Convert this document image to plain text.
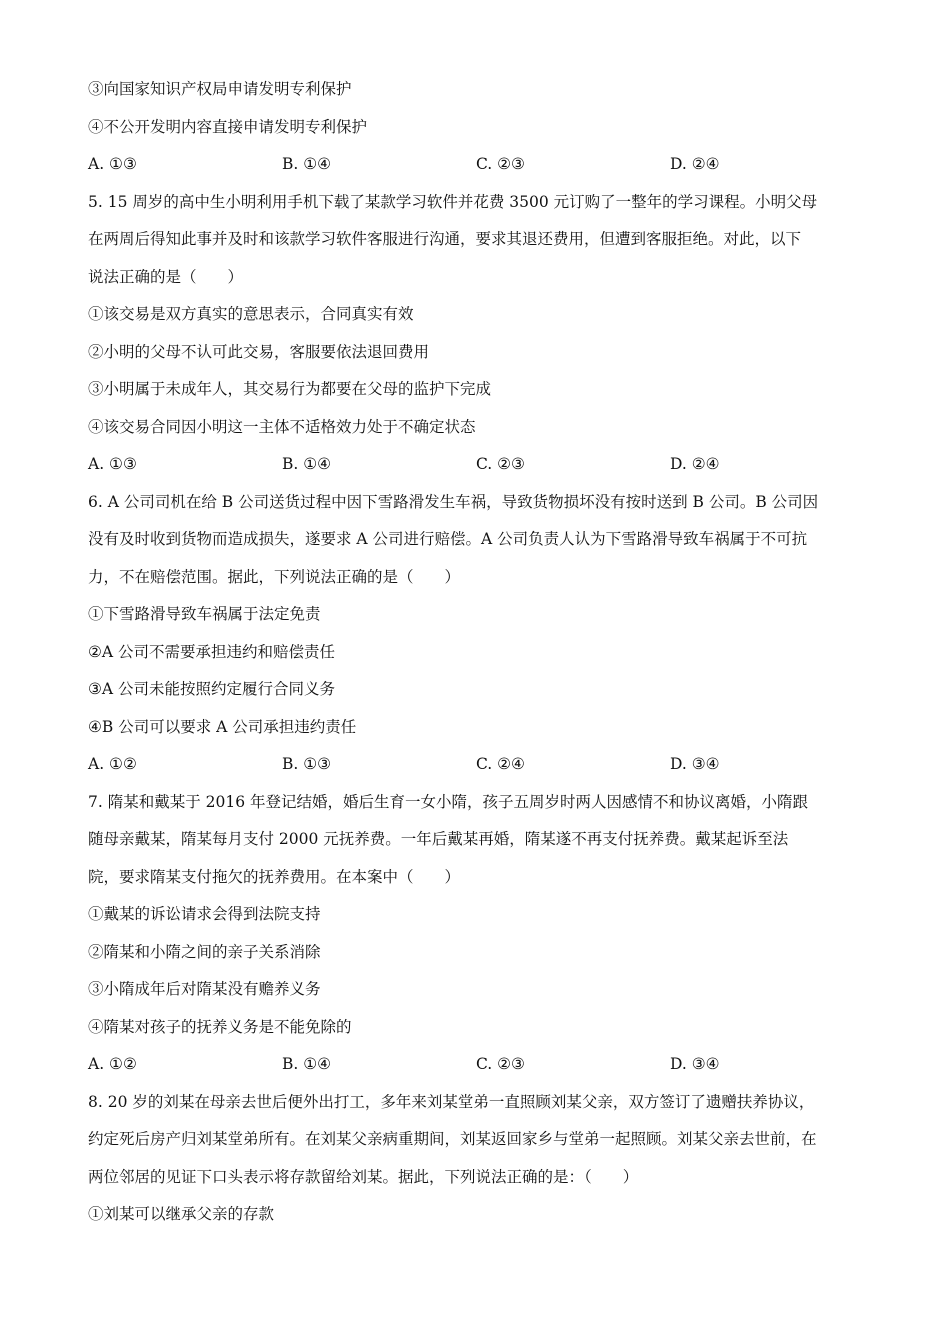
③向国家知识产权局申请发明专利保护

④不公开发明内容直接申请发明专利保护

A. ①③	B. ①④	C. ②③	D. ②④

5. 15 周岁的高中生小明利用手机下载了某款学习软件并花费 3500 元订购了一整年的学习课程。小明父母

在两周后得知此事并及时和该款学习软件客服进行沟通，要求其退还费用，但遭到客服拒绝。对此，以下

说法正确的是（　　）

①该交易是双方真实的意思表示，合同真实有效

②小明的父母不认可此交易，客服要依法退回费用

③小明属于未成年人，其交易行为都要在父母的监护下完成

④该交易合同因小明这一主体不适格效力处于不确定状态

A. ①③	B. ①④	C. ②③	D. ②④

6. A 公司司机在给 B 公司送货过程中因下雪路滑发生车祸，导致货物损坏没有按时送到 B 公司。B 公司因

没有及时收到货物而造成损失，遂要求 A 公司进行赔偿。A 公司负责人认为下雪路滑导致车祸属于不可抗

力，不在赔偿范围。据此，下列说法正确的是（　　）

①下雪路滑导致车祸属于法定免责

②A 公司不需要承担违约和赔偿责任

③A 公司未能按照约定履行合同义务

④B 公司可以要求 A 公司承担违约责任

A. ①②	B. ①③	C. ②④	D. ③④

7. 隋某和戴某于 2016 年登记结婚，婚后生育一女小隋，孩子五周岁时两人因感情不和协议离婚，小隋跟

随母亲戴某，隋某每月支付 2000 元抚养费。一年后戴某再婚，隋某遂不再支付抚养费。戴某起诉至法

院，要求隋某支付拖欠的抚养费用。在本案中（　　）

①戴某的诉讼请求会得到法院支持

②隋某和小隋之间的亲子关系消除

③小隋成年后对隋某没有赡养义务

④隋某对孩子的抚养义务是不能免除的

A. ①②	B. ①④	C. ②③	D. ③④

8. 20 岁的刘某在母亲去世后便外出打工，多年来刘某堂弟一直照顾刘某父亲，双方签订了遗赠扶养协议，

约定死后房产归刘某堂弟所有。在刘某父亲病重期间，刘某返回家乡与堂弟一起照顾。刘某父亲去世前，在

两位邻居的见证下口头表示将存款留给刘某。据此，下列说法正确的是：（　　）

①刘某可以继承父亲的存款
